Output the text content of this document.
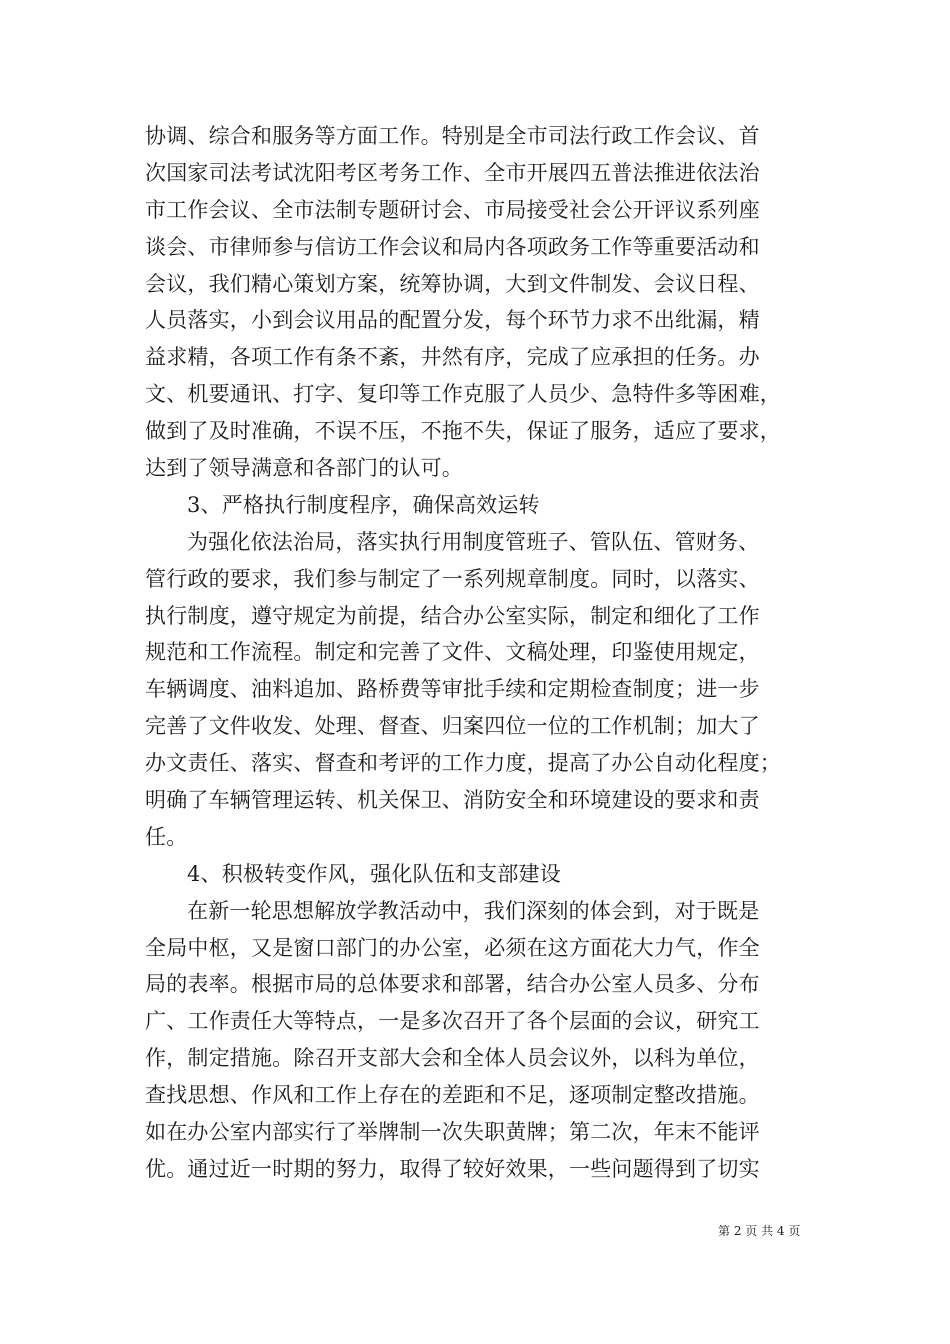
协调、综合和服务等方面工作。特别是全市司法行政工作会议、首
次国家司法考试沈阳考区考务工作、全市开展四五普法推进依法治
市工作会议、全市法制专题研讨会、市局接受社会公开评议系列座
谈会、市律师参与信访工作会议和局内各项政务工作等重要活动和
会议，我们精心策划方案，统筹协调，大到文件制发、会议日程、
人员落实，小到会议用品的配置分发，每个环节力求不出纰漏，精
益求精，各项工作有条不紊，井然有序，完成了应承担的任务。办
文、机要通讯、打字、复印等工作克服了人员少、急特件多等困难，
做到了及时准确，不误不压，不拖不失，保证了服务，适应了要求，
达到了领导满意和各部门的认可。
3、严格执行制度程序，确保高效运转
为强化依法治局，落实执行用制度管班子、管队伍、管财务、
管行政的要求，我们参与制定了一系列规章制度。同时，以落实、
执行制度，遵守规定为前提，结合办公室实际，制定和细化了工作
规范和工作流程。制定和完善了文件、文稿处理，印鉴使用规定，
车辆调度、油料追加、路桥费等审批手续和定期检查制度；进一步
完善了文件收发、处理、督查、归案四位一位的工作机制；加大了
办文责任、落实、督查和考评的工作力度，提高了办公自动化程度；
明确了车辆管理运转、机关保卫、消防安全和环境建设的要求和责
任。
4、积极转变作风，强化队伍和支部建设
在新一轮思想解放学教活动中，我们深刻的体会到，对于既是
全局中枢，又是窗口部门的办公室，必须在这方面花大力气，作全
局的表率。根据市局的总体要求和部署，结合办公室人员多、分布
广、工作责任大等特点，一是多次召开了各个层面的会议，研究工
作，制定措施。除召开支部大会和全体人员会议外，以科为单位，
查找思想、作风和工作上存在的差距和不足，逐项制定整改措施。
如在办公室内部实行了举牌制一次失职黄牌；第二次，年末不能评
优。通过近一时期的努力，取得了较好效果，一些问题得到了切实
第 2 页 共 4 页
